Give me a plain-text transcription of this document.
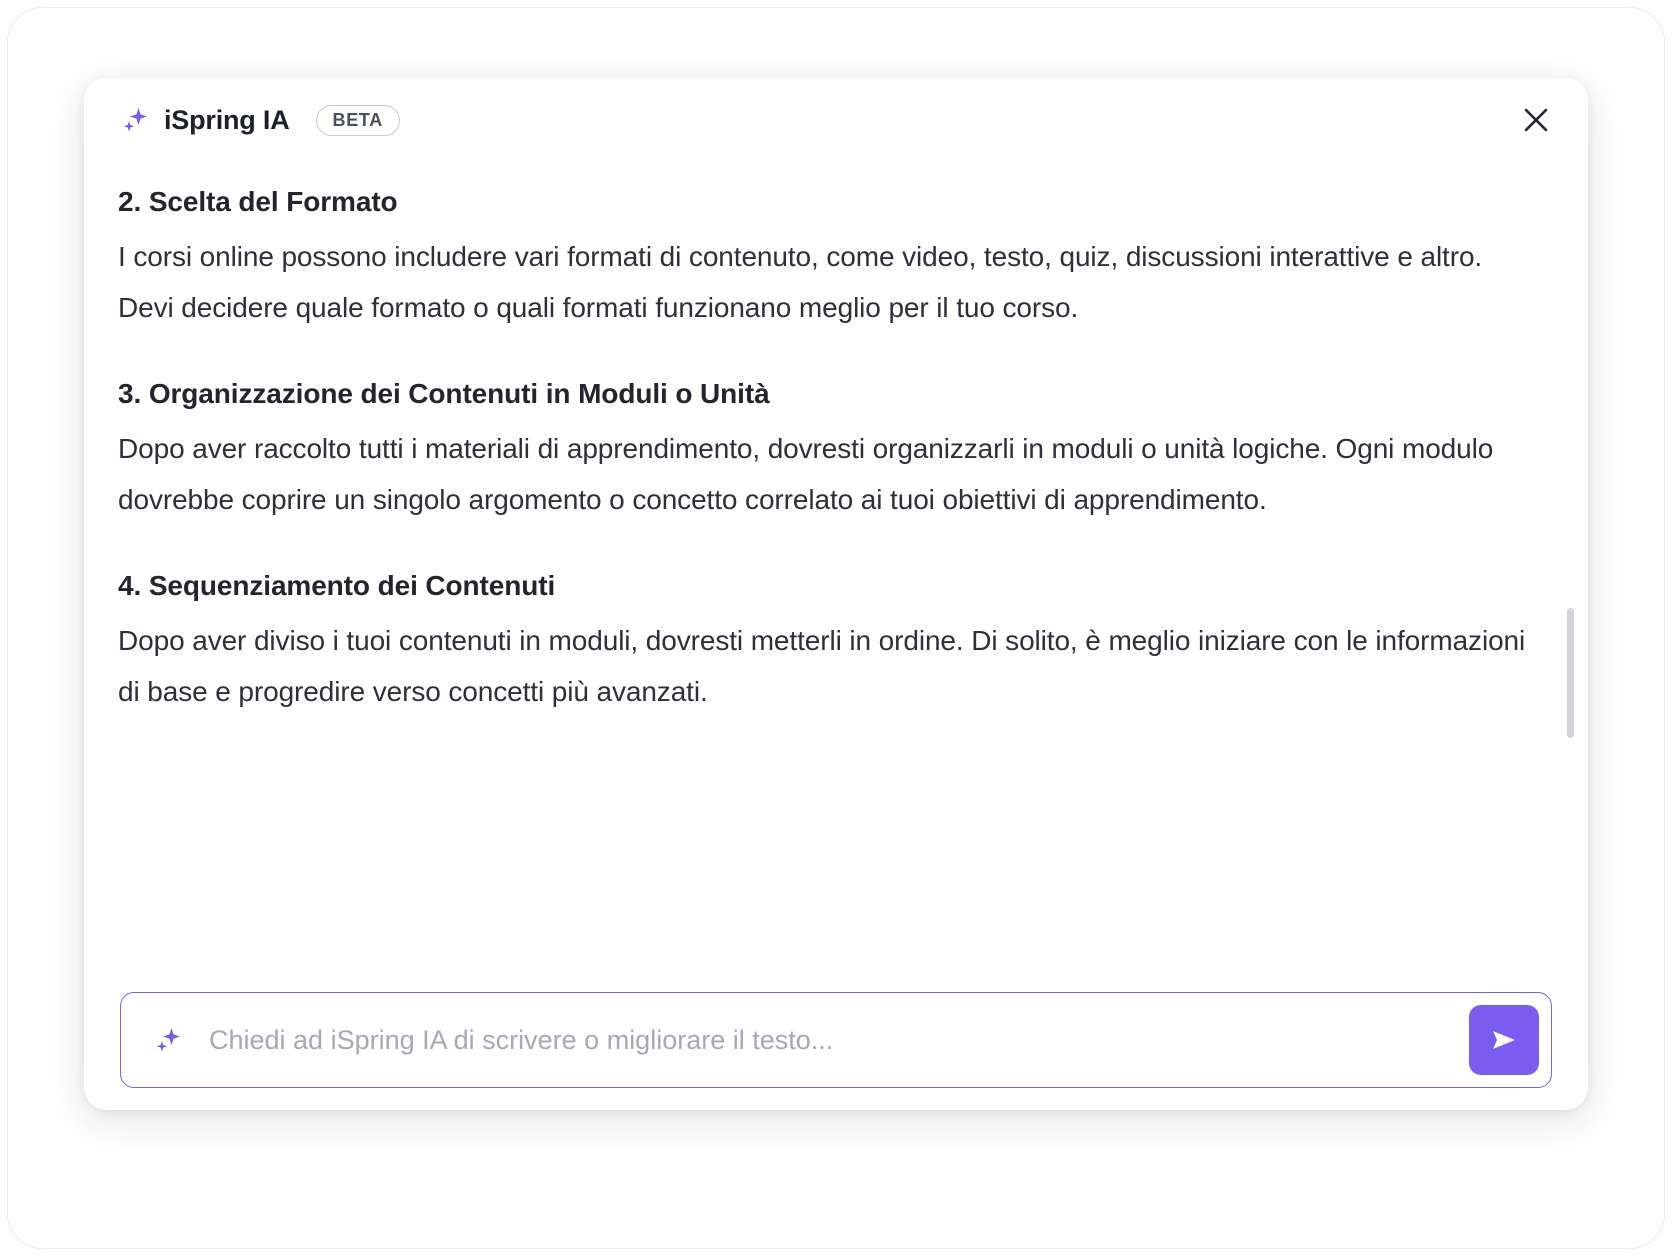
iSpring IA	BETA
2. Scelta del Formato

I corsi online possono includere vari formati di contenuto, come video, testo, quiz, discussioni interattive e altro. Devi decidere quale formato o quali formati funzionano meglio per il tuo corso.

3. Organizzazione dei Contenuti in Moduli o Unità

Dopo aver raccolto tutti i materiali di apprendimento, dovresti organizzarli in moduli o unità logiche. Ogni modulo dovrebbe coprire un singolo argomento o concetto correlato ai tuoi obiettivi di apprendimento.

4. Sequenziamento dei Contenuti

Dopo aver diviso i tuoi contenuti in moduli, dovresti metterli in ordine. Di solito, è meglio iniziare con le informazioni di base e progredire verso concetti più avanzati.

Chiedi ad iSpring IA di scrivere o migliorare il testo...
